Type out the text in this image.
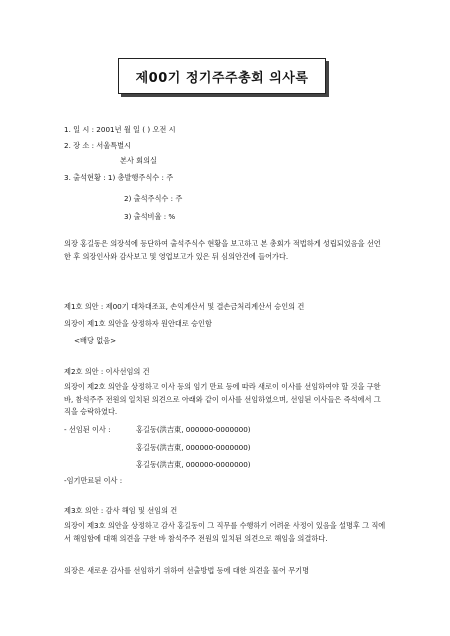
제00기 정기주주총회 의사록
1. 일 시 : 2001년 월 일 ( ) 오전 시
2. 장 소 : 서울특별시
본사 회의실
3. 출석현황 : 1) 총발행주식수 : 주
2) 출석주식수 : 주
3) 출석비율 : %
의장 홍길동은 의장석에 등단하여 출석주식수 현황을 보고하고 본 총회가 적법하게 성립되었음을 선언한 후 의장인사와 감사보고 및 영업보고가 있은 뒤 심의안건에 들어가다.
제1호 의안 : 제00기 대차대조표, 손익계산서 및 결손금처리계산서 승인의 건
의장이 제1호 의안을 상정하자 원안대로 승인함
<배당 없음>
제2호 의안 : 이사선임의 건
의장이 제2호 의안을 상정하고 이사 등의 임기 만료 등에 따라 새로이 이사를 선임하여야 할 것을 구한바, 참석주주 전원의 일치된 의견으로 아래와 같이 이사를 선임하였으며, 선임된 이사들은 즉석에서 그 직을 승락하였다.
- 선임된 이사 :	홍길동(洪吉東, 000000-0000000)
홍길동(洪吉東, 000000-0000000)
홍길동(洪吉東, 000000-0000000)
-임기만료된 이사 :
제3호 의안 : 감사 해임 및 선임의 건
의장이 제3호 의안을 상정하고 감사 홍길동이 그 직무를 수행하기 어려운 사정이 있음을 설명후 그 직에서 해임함에 대해 의견을 구한 바 참석주주 전원의 일치된 의견으로 해임을 의결하다.
의장은 새로운 감사를 선임하기 위하여 선출방법 등에 대한 의견을 물어 무기명
